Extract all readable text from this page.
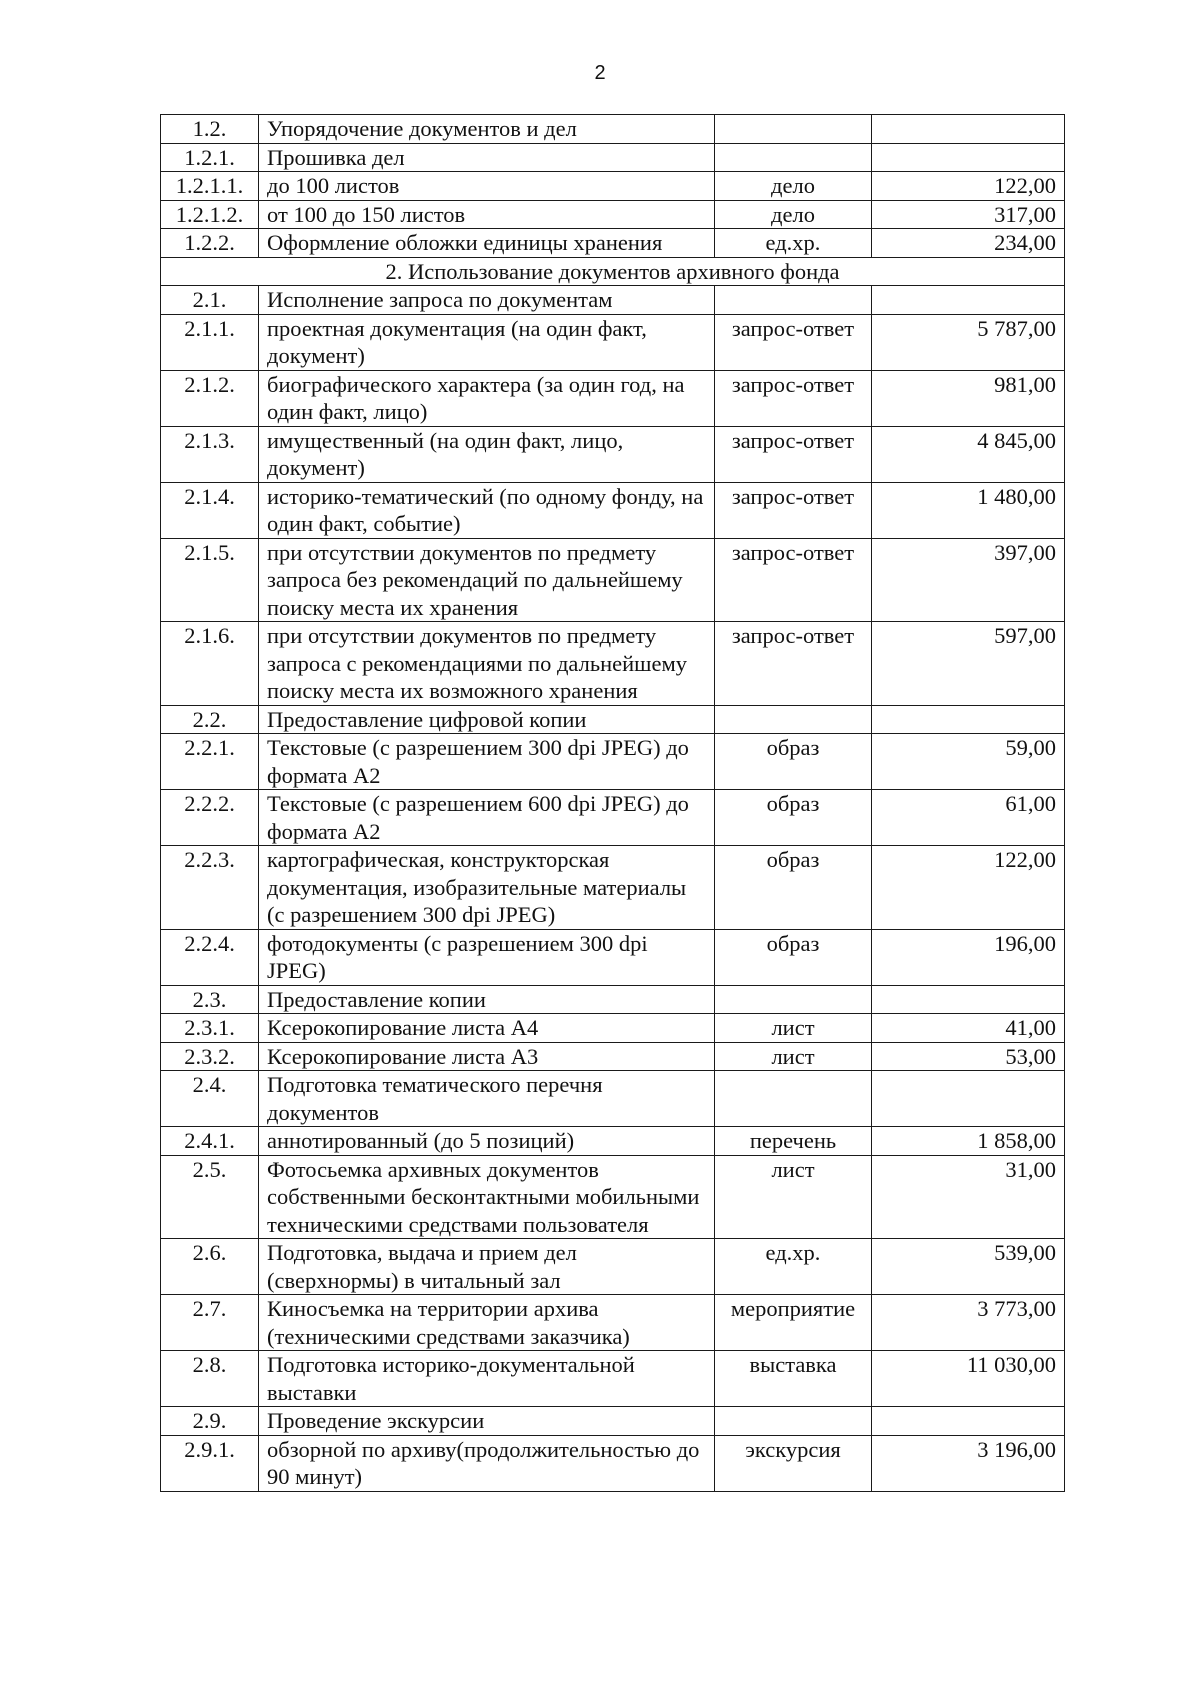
2
1.2.	Упорядочение документов и дел		
1.2.1.	Прошивка дел		
1.2.1.1.	до 100 листов	дело	122,00
1.2.1.2.	от 100 до 150 листов	дело	317,00
1.2.2.	Оформление обложки единицы хранения	ед.хр.	234,00
2. Использование документов архивного фонда			
2.1.	Исполнение запроса по документам		
2.1.1.	проектная документация (на один факт, документ)	запрос-ответ	5 787,00
2.1.2.	биографического характера (за один год, на один факт, лицо)	запрос-ответ	981,00
2.1.3.	имущественный (на один факт, лицо, документ)	запрос-ответ	4 845,00
2.1.4.	историко-тематический (по одному фонду, на один факт, событие)	запрос-ответ	1 480,00
2.1.5.	при отсутствии документов по предмету запроса без рекомендаций по дальнейшему поиску места их хранения	запрос-ответ	397,00
2.1.6.	при отсутствии документов по предмету запроса с рекомендациями по дальнейшему поиску места их возможного хранения	запрос-ответ	597,00
2.2.	Предоставление цифровой копии		
2.2.1.	Текстовые (с разрешением 300 dpi JPEG) до формата А2	образ	59,00
2.2.2.	Текстовые (с разрешением 600 dpi JPEG) до формата А2	образ	61,00
2.2.3.	картографическая, конструкторская документация, изобразительные материалы (с разрешением 300 dpi JPEG)	образ	122,00
2.2.4.	фотодокументы (с разрешением 300 dpi JPEG)	образ	196,00
2.3.	Предоставление копии		
2.3.1.	Ксерокопирование листа А4	лист	41,00
2.3.2.	Ксерокопирование листа А3	лист	53,00
2.4.	Подготовка тематического перечня документов		
2.4.1.	аннотированный (до 5 позиций)	перечень	1 858,00
2.5.	Фотосьемка архивных документов собственными бесконтактными мобильными техническими средствами пользователя	лист	31,00
2.6.	Подготовка, выдача и прием дел (сверхнормы) в читальный зал	ед.хр.	539,00
2.7.	Киносъемка на территории архива (техническими средствами заказчика)	мероприятие	3 773,00
2.8.	Подготовка историко-документальной выставки	выставка	11 030,00
2.9.	Проведение экскурсии		
2.9.1.	обзорной по архиву(продолжительностью до 90 минут)	экскурсия	3 196,00
